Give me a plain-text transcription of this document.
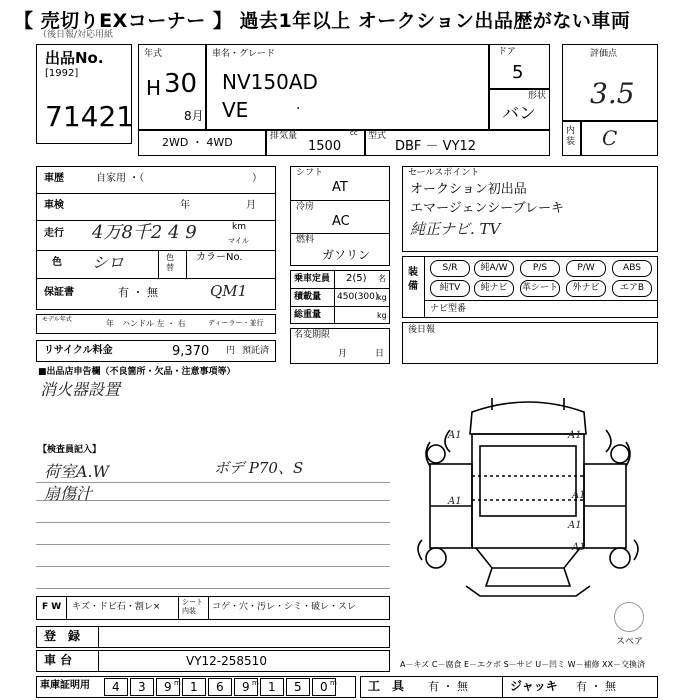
【 売切りEXコーナー 】 過去1年以上 オークション出品歴がない車両
（後日報/対応用紙
出品No.
[1992]
71421
年式
H 30
8月
車名・グレード
NV150AD
VE	.
ドア
5
形状
バン
評価点
3.5
内装 C
2WD ・ 4WD	排気量	cc
1500
型式
DBF － VY12
車歴	自家用 ・（	）
車検	年	月
走行 4万8千2 4 9	km
マイル
色 シロ	色替
カラーNo.
保証書	有 ・ 無	QM1
モデル年式	年 ハンドル 左 ・ 右	ディーラー・並行
リサイクル料金	9,370 円 預託済
シフト
AT
冷房
AC
燃料
ガソリン
乗車定員 2(5) 名
積載量 450(300)
kg
総重量	kg
名変期限
月	日
セールスポイント
オークション初出品
エマージェンシーブレーキ
純正ナビ. TV
装備
S/R	純A/W	P/S	P/W	ABS
純TV	純ナビ	革シート	外ナビ	エアB
ナビ型番
後日報
■出品店申告欄（不良箇所・欠品・注意事項等）
消火器設置
【検査員記入】
荷室A.W
扇傷汁
ボデ P70、S
A1	A1
A1
A1
A1
A1
スペア
F W キズ・ドビ石・割レ×	シート内装	コゲ・穴・汚レ・シミ・破レ・スレ
登　録
車 台	VY12-258510
車庫証明用 4 3 9 m 1 6 9 m 1 5 0 m
A－キズ C－腐食 E－エクボ S－サビ U－凹ミ W－補修 XX－交換済
工　具 有 ・ 無	ジャッキ 有 ・ 無
